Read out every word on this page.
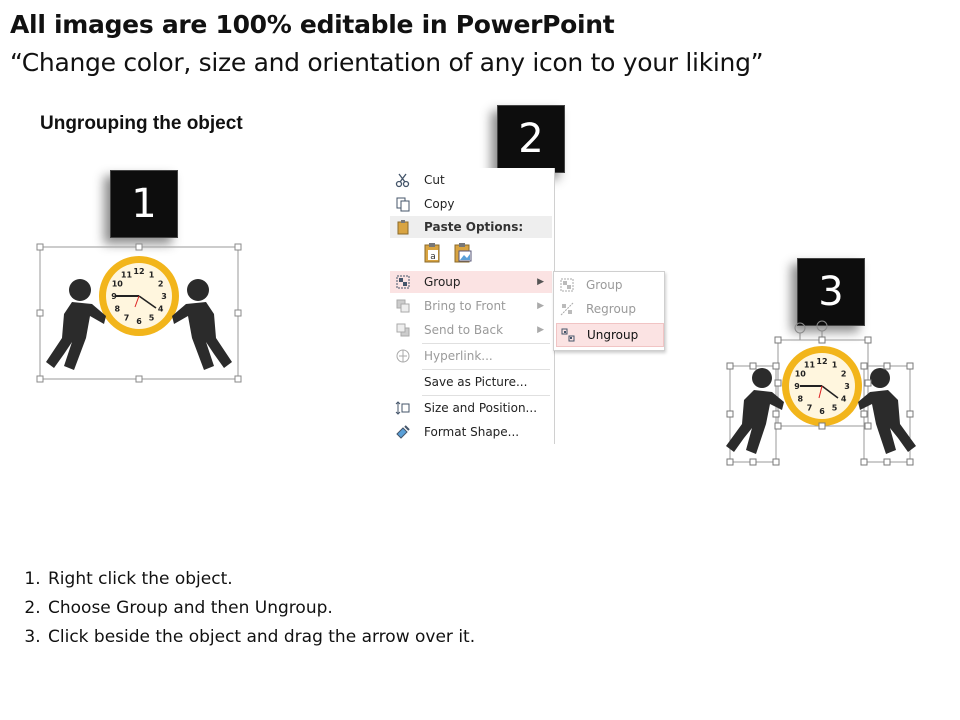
All images are 100% editable in PowerPoint
“Change color, size and orientation of any icon to your liking”
Ungrouping the object
1
2
3
12 1
2
3
4
5
6
7
8
9
10
11
Cut
Copy
Paste Options:
a
Group	▶
Bring to Front	▶
Send to Back	▶
Hyperlink...
Save as Picture...
Size and Position...
Format Shape...
Group
Regroup
Ungroup
12 1
2
3
4
5
6
7
8
9
10
11
1. Right click the object.
2. Choose Group and then Ungroup.
3. Click beside the object and drag the arrow over it.
